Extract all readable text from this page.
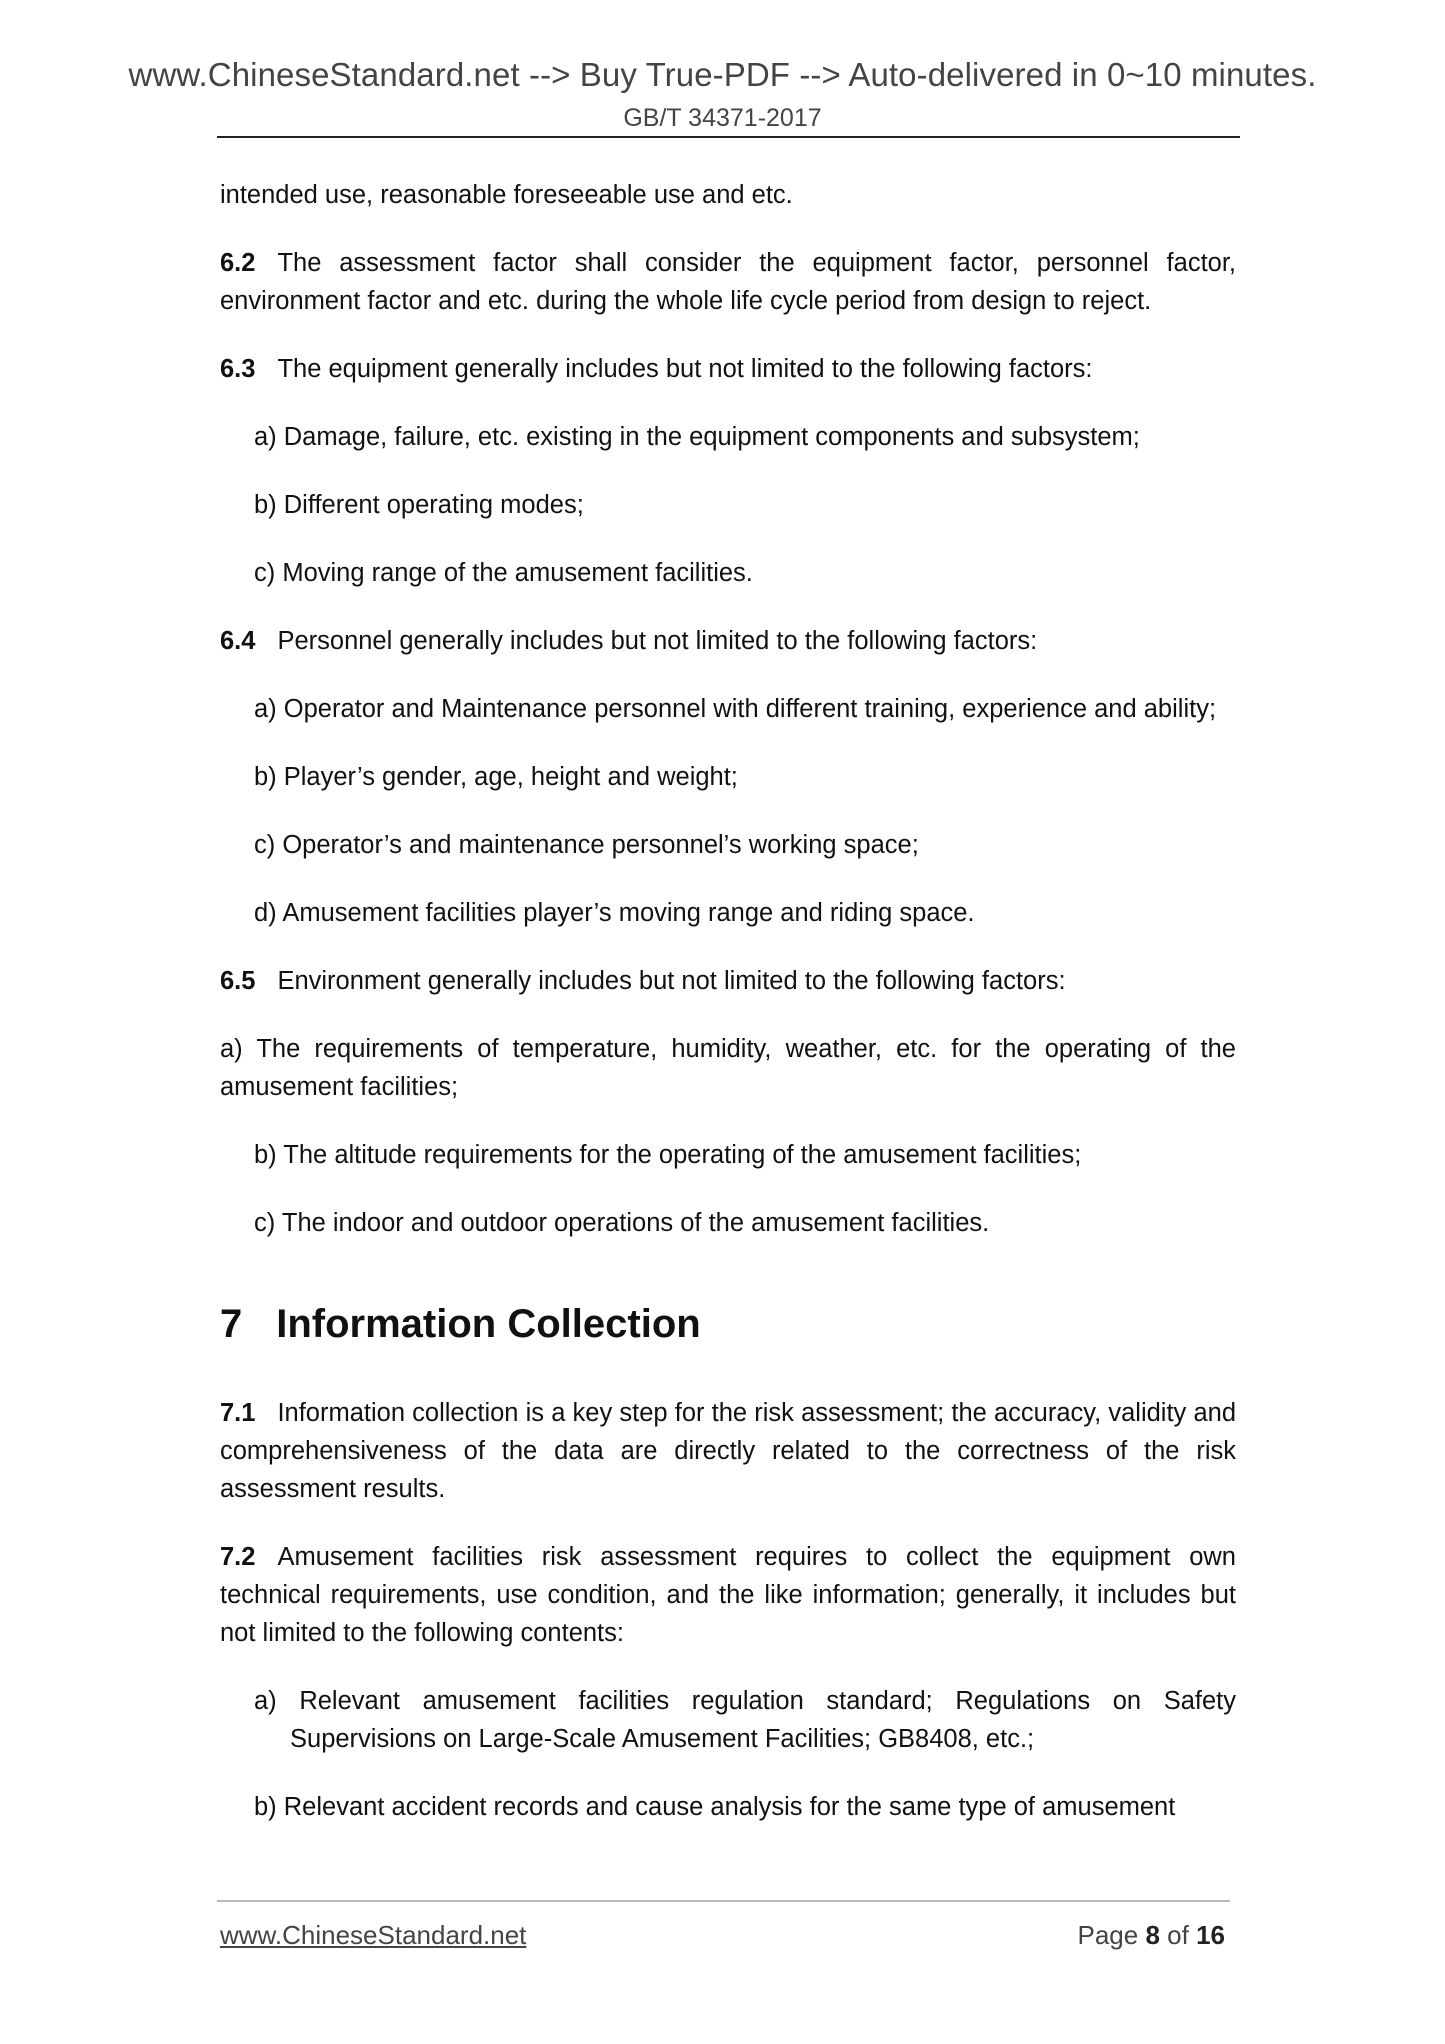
www.ChineseStandard.net --> Buy True-PDF --> Auto-delivered in 0~10 minutes.
GB/T 34371-2017

intended use, reasonable foreseeable use and etc.

6.2 The assessment factor shall consider the equipment factor, personnel factor, environment factor and etc. during the whole life cycle period from design to reject.

6.3 The equipment generally includes but not limited to the following factors:

a) Damage, failure, etc. existing in the equipment components and subsystem;

b) Different operating modes;

c) Moving range of the amusement facilities.

6.4 Personnel generally includes but not limited to the following factors:

a) Operator and Maintenance personnel with different training, experience and ability;

b) Player’s gender, age, height and weight;

c) Operator’s and maintenance personnel’s working space;

d) Amusement facilities player’s moving range and riding space.

6.5 Environment generally includes but not limited to the following factors:

a) The requirements of temperature, humidity, weather, etc. for the operating of the amusement facilities;

b) The altitude requirements for the operating of the amusement facilities;

c) The indoor and outdoor operations of the amusement facilities.

7 Information Collection

7.1 Information collection is a key step for the risk assessment; the accuracy, validity and comprehensiveness of the data are directly related to the correctness of the risk assessment results.

7.2 Amusement facilities risk assessment requires to collect the equipment own technical requirements, use condition, and the like information; generally, it includes but not limited to the following contents:

a) Relevant amusement facilities regulation standard; Regulations on Safety Supervisions on Large-Scale Amusement Facilities; GB8408, etc.;

b) Relevant accident records and cause analysis for the same type of amusement

www.ChineseStandard.net	Page 8 of 16
